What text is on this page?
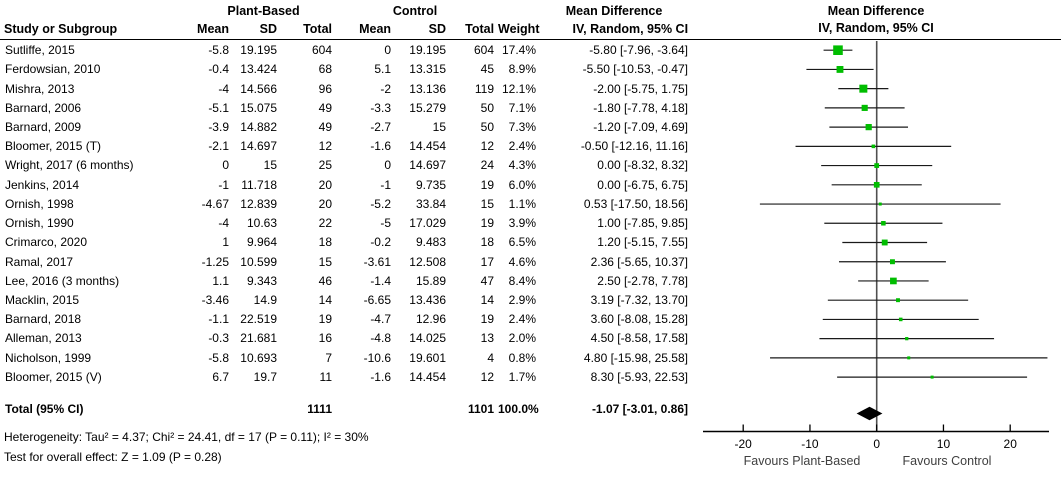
	Plant-Based			Control				Mean Difference
Study or Subgroup	Mean	SD	Total	Mean	SD	Total	Weight	IV, Random, 95% CI
Sutliffe, 2015	-5.8	19.195	604	0	19.195	604	17.4%	-5.80 [-7.96, -3.64]
Ferdowsian, 2010	-0.4	13.424	68	5.1	13.315	45	8.9%	-5.50 [-10.53, -0.47]
Mishra, 2013	-4	14.566	96	-2	13.136	119	12.1%	-2.00 [-5.75, 1.75]
Barnard, 2006	-5.1	15.075	49	-3.3	15.279	50	7.1%	-1.80 [-7.78, 4.18]
Barnard, 2009	-3.9	14.882	49	-2.7	15	50	7.3%	-1.20 [-7.09, 4.69]
Bloomer, 2015 (T)	-2.1	14.697	12	-1.6	14.454	12	2.4%	-0.50 [-12.16, 11.16]
Wright, 2017 (6 months)	0	15	25	0	14.697	24	4.3%	0.00 [-8.32, 8.32]
Jenkins, 2014	-1	11.718	20	-1	9.735	19	6.0%	0.00 [-6.75, 6.75]
Ornish, 1998	-4.67	12.839	20	-5.2	33.84	15	1.1%	0.53 [-17.50, 18.56]
Ornish, 1990	-4	10.63	22	-5	17.029	19	3.9%	1.00 [-7.85, 9.85]
Crimarco, 2020	1	9.964	18	-0.2	9.483	18	6.5%	1.20 [-5.15, 7.55]
Ramal, 2017	-1.25	10.599	15	-3.61	12.508	17	4.6%	2.36 [-5.65, 10.37]
Lee, 2016 (3 months)	1.1	9.343	46	-1.4	15.89	47	8.4%	2.50 [-2.78, 7.78]
Macklin, 2015	-3.46	14.9	14	-6.65	13.436	14	2.9%	3.19 [-7.32, 13.70]
Barnard, 2018	-1.1	22.519	19	-4.7	12.96	19	2.4%	3.60 [-8.08, 15.28]
Alleman, 2013	-0.3	21.681	16	-4.8	14.025	13	2.0%	4.50 [-8.58, 17.58]
Nicholson, 1999	-5.8	10.693	7	-10.6	19.601	4	0.8%	4.80 [-15.98, 25.58]
Bloomer, 2015 (V)	6.7	19.7	11	-1.6	14.454	12	1.7%	8.30 [-5.93, 22.53]

Total (95% CI)			1111			1101	100.0%	-1.07 [-3.01, 0.86]
Heterogeneity: Tau² = 4.37; Chi² = 24.41, df = 17 (P = 0.11); I² = 30%
Test for overall effect: Z = 1.09 (P = 0.28)
Mean Difference
IV, Random, 95% CI
-20	-10	0	10	20
Favours Plant-Based	Favours Control
